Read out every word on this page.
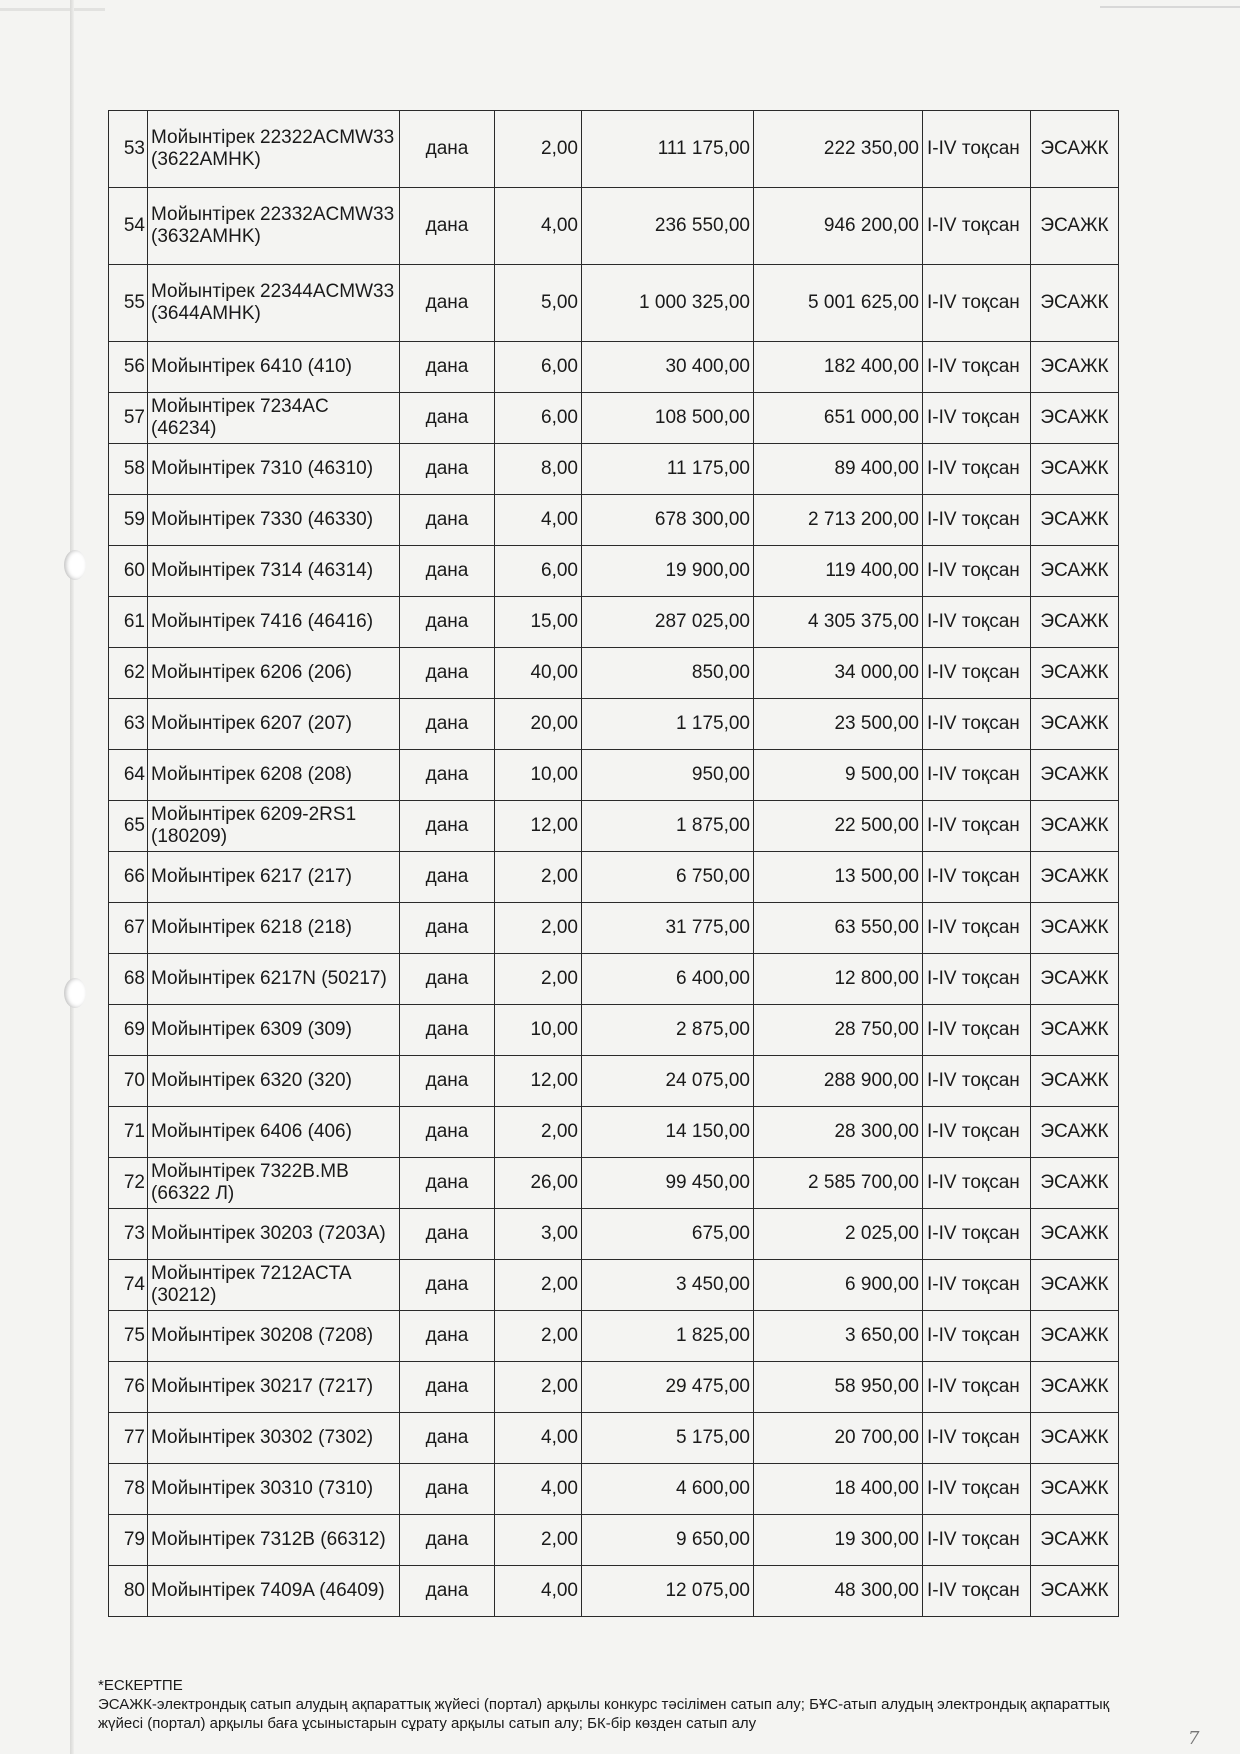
53	Мойынтірек 22322ACMW33 (3622AMHK)	дана	2,00	111 175,00	222 350,00	I-IV тоқсан	ЭСАЖК
54	Мойынтірек 22332ACMW33 (3632AMHK)	дана	4,00	236 550,00	946 200,00	I-IV тоқсан	ЭСАЖК
55	Мойынтірек 22344ACMW33 (3644AMHK)	дана	5,00	1 000 325,00	5 001 625,00	I-IV тоқсан	ЭСАЖК
56	Мойынтірек 6410 (410)	дана	6,00	30 400,00	182 400,00	I-IV тоқсан	ЭСАЖК
57	Мойынтірек 7234AC (46234)	дана	6,00	108 500,00	651 000,00	I-IV тоқсан	ЭСАЖК
58	Мойынтірек 7310 (46310)	дана	8,00	11 175,00	89 400,00	I-IV тоқсан	ЭСАЖК
59	Мойынтірек 7330 (46330)	дана	4,00	678 300,00	2 713 200,00	I-IV тоқсан	ЭСАЖК
60	Мойынтірек 7314 (46314)	дана	6,00	19 900,00	119 400,00	I-IV тоқсан	ЭСАЖК
61	Мойынтірек 7416 (46416)	дана	15,00	287 025,00	4 305 375,00	I-IV тоқсан	ЭСАЖК
62	Мойынтірек 6206 (206)	дана	40,00	850,00	34 000,00	I-IV тоқсан	ЭСАЖК
63	Мойынтірек 6207 (207)	дана	20,00	1 175,00	23 500,00	I-IV тоқсан	ЭСАЖК
64	Мойынтірек 6208 (208)	дана	10,00	950,00	9 500,00	I-IV тоқсан	ЭСАЖК
65	Мойынтірек 6209-2RS1 (180209)	дана	12,00	1 875,00	22 500,00	I-IV тоқсан	ЭСАЖК
66	Мойынтірек 6217 (217)	дана	2,00	6 750,00	13 500,00	I-IV тоқсан	ЭСАЖК
67	Мойынтірек 6218 (218)	дана	2,00	31 775,00	63 550,00	I-IV тоқсан	ЭСАЖК
68	Мойынтірек 6217N (50217)	дана	2,00	6 400,00	12 800,00	I-IV тоқсан	ЭСАЖК
69	Мойынтірек 6309 (309)	дана	10,00	2 875,00	28 750,00	I-IV тоқсан	ЭСАЖК
70	Мойынтірек 6320 (320)	дана	12,00	24 075,00	288 900,00	I-IV тоқсан	ЭСАЖК
71	Мойынтірек 6406 (406)	дана	2,00	14 150,00	28 300,00	I-IV тоқсан	ЭСАЖК
72	Мойынтірек 7322B.MB (66322 Л)	дана	26,00	99 450,00	2 585 700,00	I-IV тоқсан	ЭСАЖК
73	Мойынтірек 30203 (7203A)	дана	3,00	675,00	2 025,00	I-IV тоқсан	ЭСАЖК
74	Мойынтірек 7212ACTA (30212)	дана	2,00	3 450,00	6 900,00	I-IV тоқсан	ЭСАЖК
75	Мойынтірек 30208 (7208)	дана	2,00	1 825,00	3 650,00	I-IV тоқсан	ЭСАЖК
76	Мойынтірек 30217 (7217)	дана	2,00	29 475,00	58 950,00	I-IV тоқсан	ЭСАЖК
77	Мойынтірек 30302 (7302)	дана	4,00	5 175,00	20 700,00	I-IV тоқсан	ЭСАЖК
78	Мойынтірек 30310 (7310)	дана	4,00	4 600,00	18 400,00	I-IV тоқсан	ЭСАЖК
79	Мойынтірек 7312B (66312)	дана	2,00	9 650,00	19 300,00	I-IV тоқсан	ЭСАЖК
80	Мойынтірек 7409A (46409)	дана	4,00	12 075,00	48 300,00	I-IV тоқсан	ЭСАЖК
*ЕСКЕРТПЕ
ЭСАЖК-электрондық сатып алудың ақпараттық жүйесі (портал) арқылы конкурс тәсілімен сатып алу; БҰС-атып алудың электрондық ақпараттық жүйесі (портал) арқылы баға ұсыныстарын сұрату арқылы сатып алу; БК-бір көзден сатып алу
7
